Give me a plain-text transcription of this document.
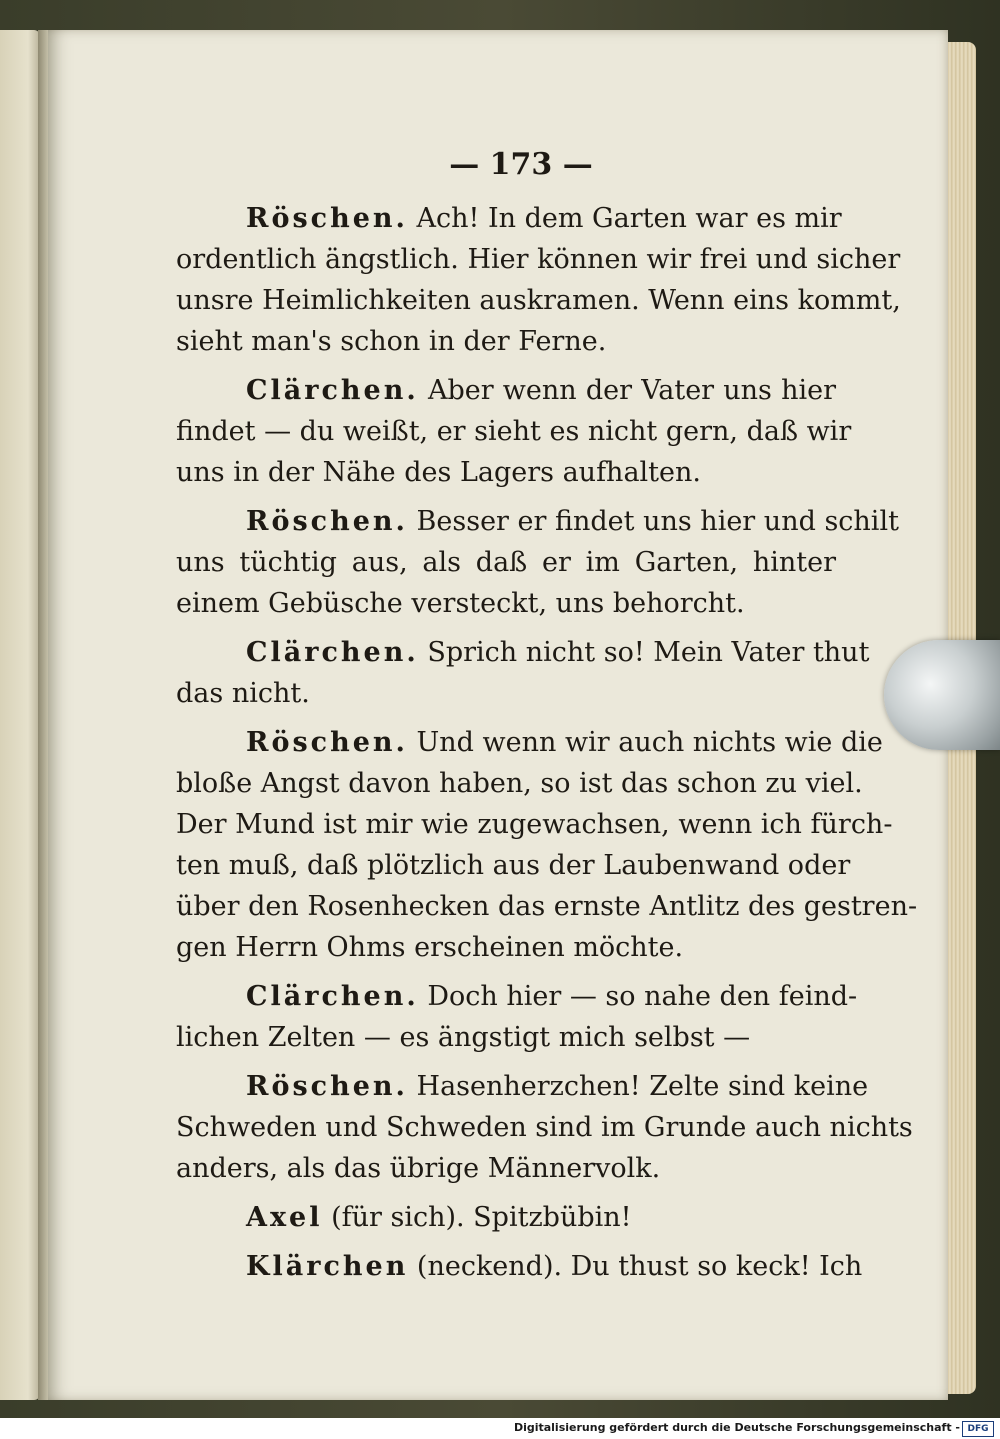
— 173 —
Röschen. Ach! In dem Garten war es mir
ordentlich ängstlich. Hier können wir frei und sicher
unsre Heimlichkeiten auskramen. Wenn eins kommt,
sieht man's schon in der Ferne.
Clärchen. Aber wenn der Vater uns hier
findet — du weißt, er sieht es nicht gern, daß wir
uns in der Nähe des Lagers aufhalten.
Röschen. Besser er findet uns hier und schilt
uns tüchtig aus, als daß er im Garten, hinter
einem Gebüsche versteckt, uns behorcht.
Clärchen. Sprich nicht so! Mein Vater thut
das nicht.
Röschen. Und wenn wir auch nichts wie die
bloße Angst davon haben, so ist das schon zu viel.
Der Mund ist mir wie zugewachsen, wenn ich fürch-
ten muß, daß plötzlich aus der Laubenwand oder
über den Rosenhecken das ernste Antlitz des gestren-
gen Herrn Ohms erscheinen möchte.
Clärchen. Doch hier — so nahe den feind-
lichen Zelten — es ängstigt mich selbst —
Röschen. Hasenherzchen! Zelte sind keine
Schweden und Schweden sind im Grunde auch nichts
anders, als das übrige Männervolk.
Axel (für sich). Spitzbübin!
Klärchen (neckend). Du thust so keck! Ich
Digitalisierung gefördert durch die Deutsche Forschungsgemeinschaft - DFG
